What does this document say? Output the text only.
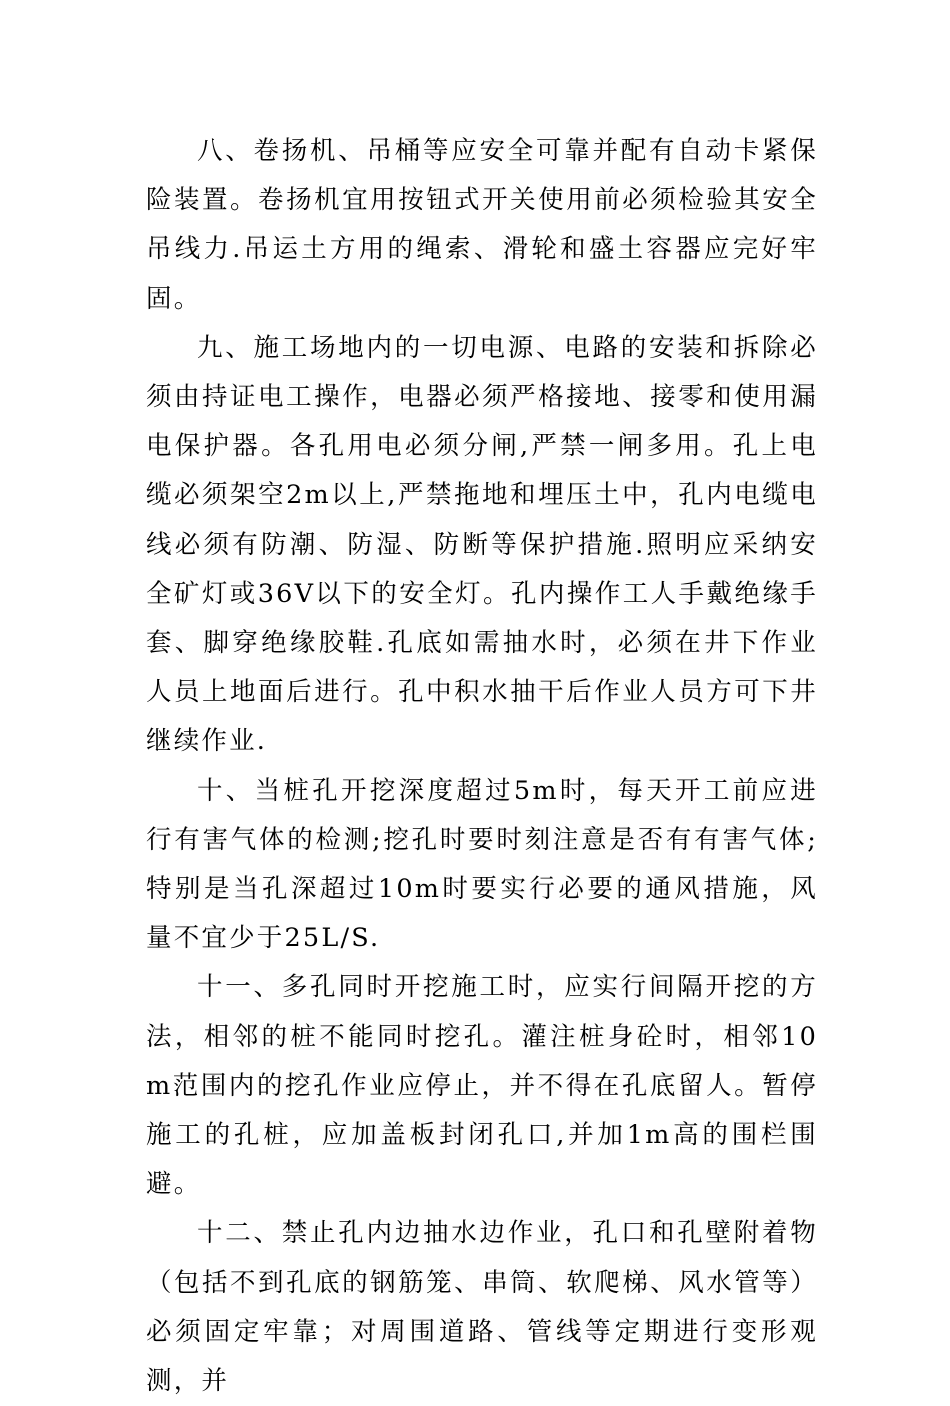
八、卷扬机、吊桶等应安全可靠并配有自动卡紧保险装置。卷扬机宜用按钮式开关使用前必须检验其安全吊线力.吊运土方用的绳索、滑轮和盛土容器应完好牢固。

九、施工场地内的一切电源、电路的安装和拆除必须由持证电工操作，电器必须严格接地、接零和使用漏电保护器。各孔用电必须分闸,严禁一闸多用。孔上电缆必须架空2m以上,严禁拖地和埋压土中，孔内电缆电线必须有防潮、防湿、防断等保护措施.照明应采纳安全矿灯或36V以下的安全灯。孔内操作工人手戴绝缘手套、脚穿绝缘胶鞋.孔底如需抽水时，必须在井下作业人员上地面后进行。孔中积水抽干后作业人员方可下井继续作业.

十、当桩孔开挖深度超过5m时，每天开工前应进行有害气体的检测;挖孔时要时刻注意是否有有害气体;特别是当孔深超过10m时要实行必要的通风措施，风量不宜少于25L/S.

十一、多孔同时开挖施工时，应实行间隔开挖的方法，相邻的桩不能同时挖孔。灌注桩身砼时，相邻10m范围内的挖孔作业应停止，并不得在孔底留人。暂停施工的孔桩，应加盖板封闭孔口,并加1m高的围栏围避。

十二、禁止孔内边抽水边作业，孔口和孔壁附着物（包括不到孔底的钢筋笼、串筒、软爬梯、风水管等）必须固定牢靠；对周围道路、管线等定期进行变形观测，并
